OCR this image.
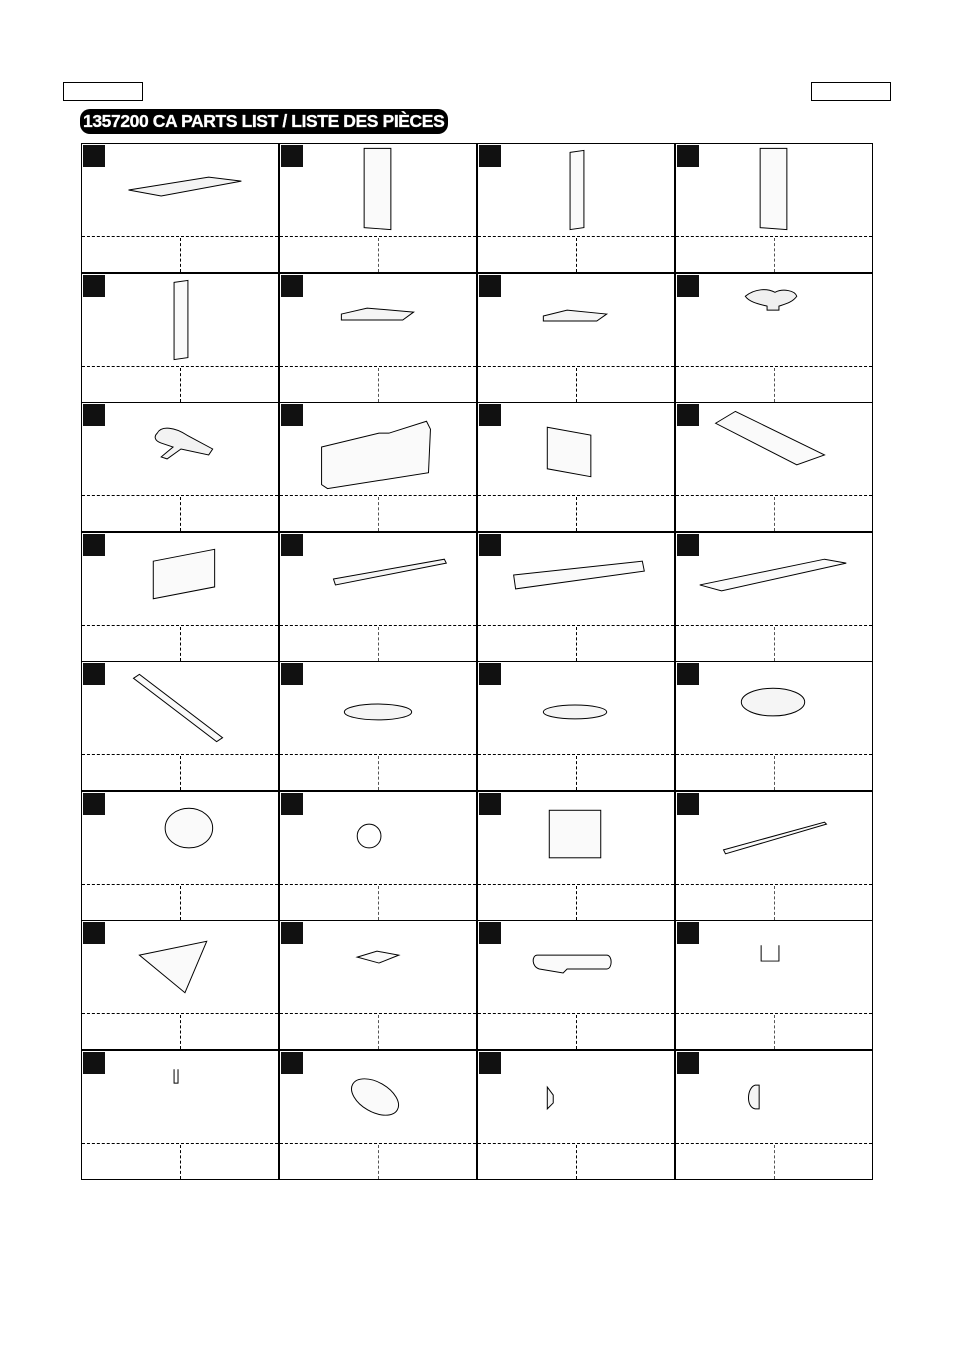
1357200 CA PARTS LIST / LISTE DES PIÈCES
